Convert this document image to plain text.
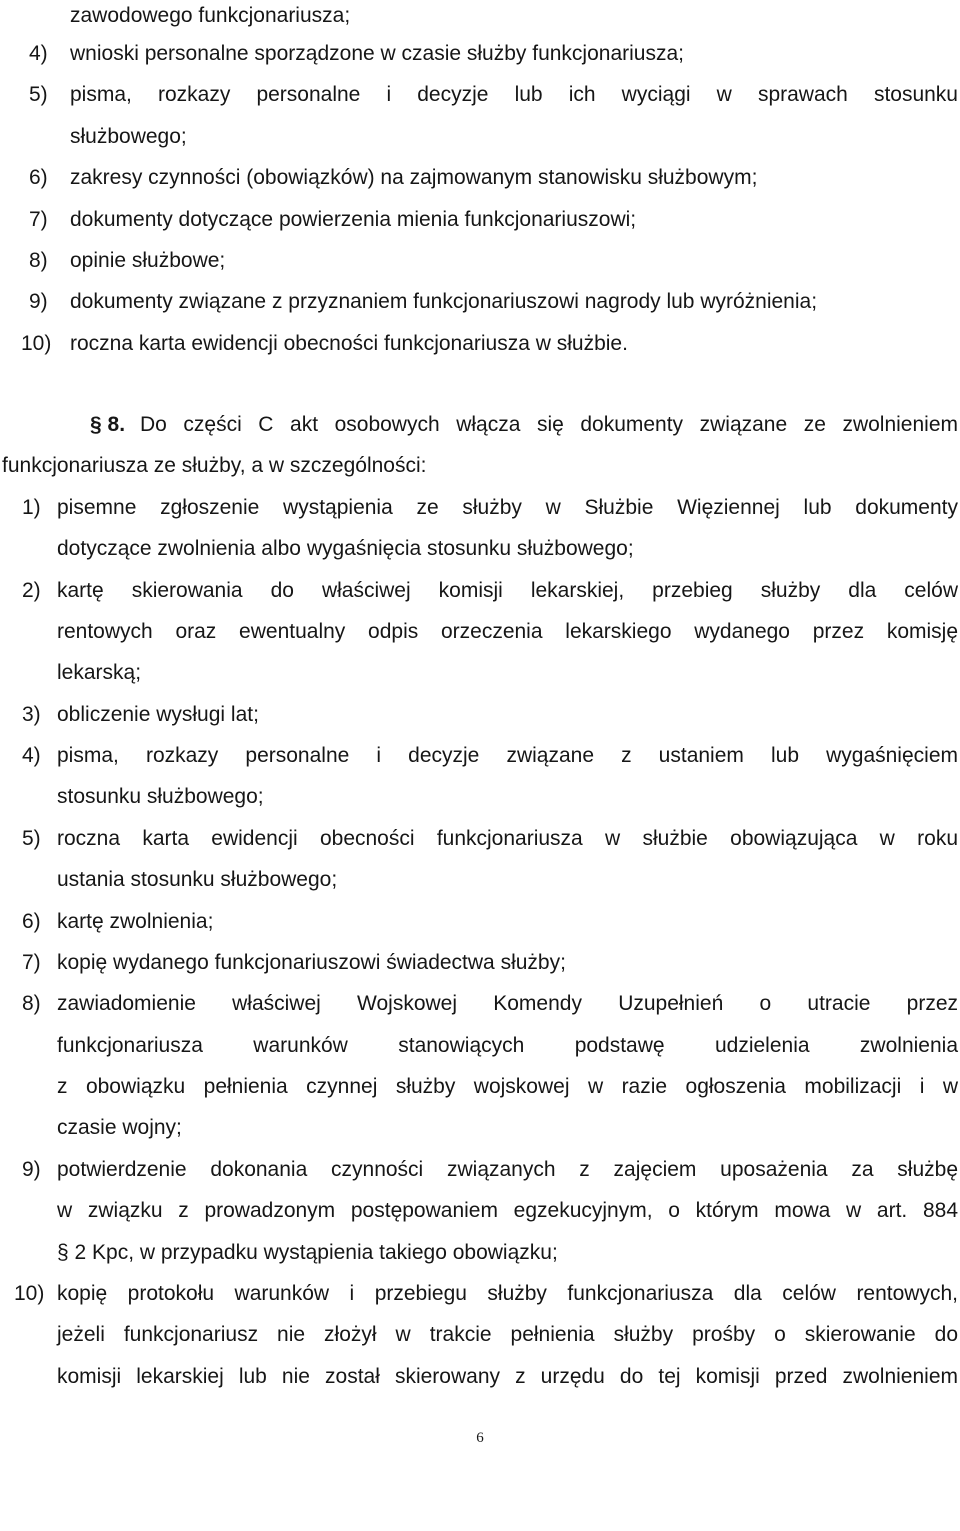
zawodowego funkcjonariusza;
4) wnioski personalne sporządzone w czasie służby funkcjonariusza;
5) pisma, rozkazy personalne i decyzje lub ich wyciągi w sprawach stosunku
służbowego;
6) zakresy czynności (obowiązków) na zajmowanym stanowisku służbowym;
7) dokumenty dotyczące powierzenia mienia funkcjonariuszowi;
8) opinie służbowe;
9) dokumenty związane z przyznaniem funkcjonariuszowi nagrody lub wyróżnienia;
10) roczna karta ewidencji obecności funkcjonariusza w służbie.
§ 8. Do części C akt osobowych włącza się dokumenty związane ze zwolnieniem
funkcjonariusza ze służby, a w szczególności:
1) pisemne zgłoszenie wystąpienia ze służby w Służbie Więziennej lub dokumenty
dotyczące zwolnienia albo wygaśnięcia stosunku służbowego;
2) kartę skierowania do właściwej komisji lekarskiej, przebieg służby dla celów
rentowych oraz ewentualny odpis orzeczenia lekarskiego wydanego przez komisję
lekarską;
3) obliczenie wysługi lat;
4) pisma, rozkazy personalne i decyzje związane z ustaniem lub wygaśnięciem
stosunku służbowego;
5) roczna karta ewidencji obecności funkcjonariusza w służbie obowiązująca w roku
ustania stosunku służbowego;
6) kartę zwolnienia;
7) kopię wydanego funkcjonariuszowi świadectwa służby;
8) zawiadomienie właściwej Wojskowej Komendy Uzupełnień o utracie przez
funkcjonariusza warunków stanowiących podstawę udzielenia zwolnienia
z obowiązku pełnienia czynnej służby wojskowej w razie ogłoszenia mobilizacji i w
czasie wojny;
9) potwierdzenie dokonania czynności związanych z zajęciem uposażenia za służbę
w związku z prowadzonym postępowaniem egzekucyjnym, o którym mowa w art. 884
§ 2 Kpc, w przypadku wystąpienia takiego obowiązku;
10) kopię protokołu warunków i przebiegu służby funkcjonariusza dla celów rentowych,
jeżeli funkcjonariusz nie złożył w trakcie pełnienia służby prośby o skierowanie do
komisji lekarskiej lub nie został skierowany z urzędu do tej komisji przed zwolnieniem
6
